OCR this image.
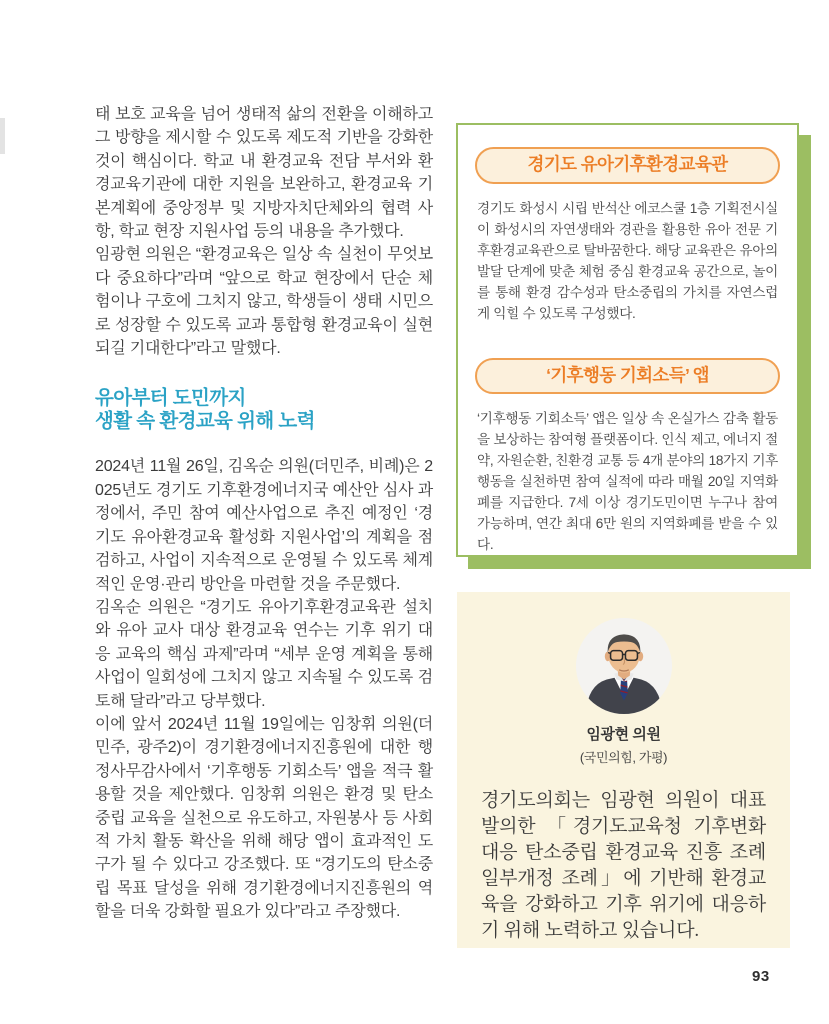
태 보호 교육을 넘어 생태적 삶의 전환을 이해하고 그 방향을 제시할 수 있도록 제도적 기반을 강화한 것이 핵심이다. 학교 내 환경교육 전담 부서와 환경교육기관에 대한 지원을 보완하고, 환경교육 기본계획에 중앙정부 및 지방자치단체와의 협력 사항, 학교 현장 지원사업 등의 내용을 추가했다.

임광현 의원은 “환경교육은 일상 속 실천이 무엇보다 중요하다”라며 “앞으로 학교 현장에서 단순 체험이나 구호에 그치지 않고, 학생들이 생태 시민으로 성장할 수 있도록 교과 통합형 환경교육이 실현되길 기대한다”라고 말했다.

유아부터 도민까지
생활 속 환경교육 위해 노력

2024년 11월 26일, 김옥순 의원(더민주, 비례)은 2025년도 경기도 기후환경에너지국 예산안 심사 과정에서, 주민 참여 예산사업으로 추진 예정인 ‘경기도 유아환경교육 활성화 지원사업’의 계획을 점검하고, 사업이 지속적으로 운영될 수 있도록 체계적인 운영·관리 방안을 마련할 것을 주문했다.

김옥순 의원은 “경기도 유아기후환경교육관 설치와 유아 교사 대상 환경교육 연수는 기후 위기 대응 교육의 핵심 과제”라며 “세부 운영 계획을 통해 사업이 일회성에 그치지 않고 지속될 수 있도록 검토해 달라”라고 당부했다.

이에 앞서 2024년 11월 19일에는 임창휘 의원(더민주, 광주2)이 경기환경에너지진흥원에 대한 행정사무감사에서 ‘기후행동 기회소득’ 앱을 적극 활용할 것을 제안했다. 임창휘 의원은 환경 및 탄소중립 교육을 실천으로 유도하고, 자원봉사 등 사회적 가치 활동 확산을 위해 해당 앱이 효과적인 도구가 될 수 있다고 강조했다. 또 “경기도의 탄소중립 목표 달성을 위해 경기환경에너지진흥원의 역할을 더욱 강화할 필요가 있다”라고 주장했다.

경기도 유아기후환경교육관
경기도 화성시 시립 반석산 에코스쿨 1층 기획전시실이 화성시의 자연생태와 경관을 활용한 유아 전문 기후환경교육관으로 탈바꿈한다. 해당 교육관은 유아의 발달 단계에 맞춘 체험 중심 환경교육 공간으로, 놀이를 통해 환경 감수성과 탄소중립의 가치를 자연스럽게 익힐 수 있도록 구성했다.
‘기후행동 기회소득’ 앱
‘기후행동 기회소득’ 앱은 일상 속 온실가스 감축 활동을 보상하는 참여형 플랫폼이다. 인식 제고, 에너지 절약, 자원순환, 친환경 교통 등 4개 분야의 18가지 기후 행동을 실천하면 참여 실적에 따라 매월 20일 지역화폐를 지급한다. 7세 이상 경기도민이면 누구나 참여 가능하며, 연간 최대 6만 원의 지역화폐를 받을 수 있다.
임광현 의원
(국민의힘, 가평)
경기도의회는 임광현 의원이 대표발의한 「경기도교육청 기후변화 대응 탄소중립 환경교육 진흥 조례 일부개정 조례」에 기반해 환경교육을 강화하고 기후 위기에 대응하기 위해 노력하고 있습니다.
93
